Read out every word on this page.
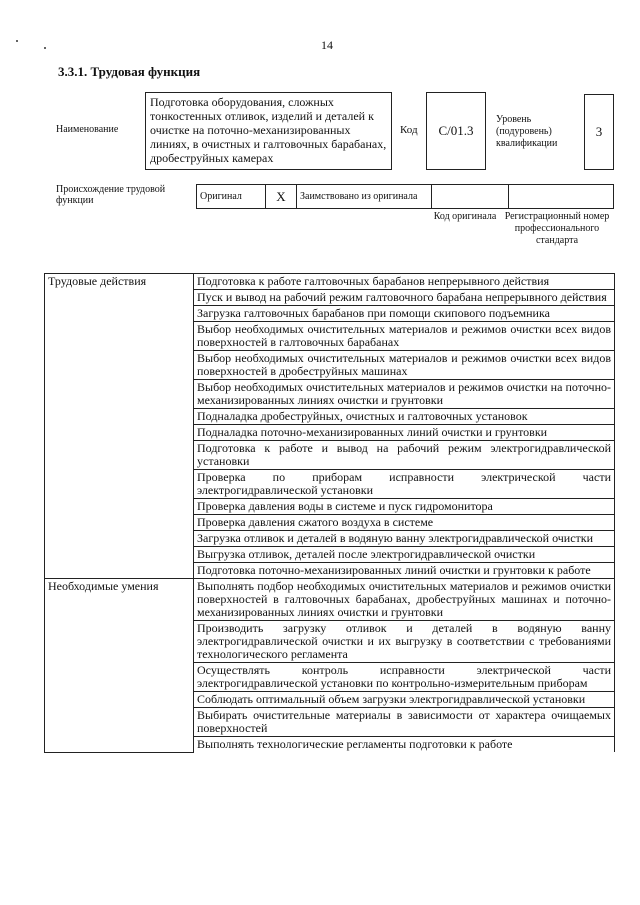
14
3.3.1. Трудовая функция
Наименование
Подготовка оборудования, сложных тонкостенных отливок, изделий и деталей к очистке на поточно-механизированных линиях, в очистных и галтовочных барабанах, дробеструйных камерах
Код	C/01.3
Уровень (подуровень) квалификации
3
Происхождение трудовой функции	Оригинал	X	Заимствовано из оригинала		
Код оригинала Регистрационный номер профессионального стандарта
Трудовые действия	Подготовка к работе галтовочных барабанов непрерывного действия
	Пуск и вывод на рабочий режим галтовочного барабана непрерывного действия
	Загрузка галтовочных барабанов при помощи скипового подъемника
	Выбор необходимых очистительных материалов и режимов очистки всех видов поверхностей в галтовочных барабанах
	Выбор необходимых очистительных материалов и режимов очистки всех видов поверхностей в дробеструйных машинах
	Выбор необходимых очистительных материалов и режимов очистки на поточно-механизированных линиях очистки и грунтовки
	Подналадка дробеструйных, очистных и галтовочных установок
	Подналадка поточно-механизированных линий очистки и грунтовки
	Подготовка к работе и вывод на рабочий режим электрогидравлической установки
	Проверка по приборам исправности электрической части электрогидравлической установки
	Проверка давления воды в системе и пуск гидромонитора
	Проверка давления сжатого воздуха в системе
	Загрузка отливок и деталей в водяную ванну электрогидравлической очистки
	Выгрузка отливок, деталей после электрогидравлической очистки
	Подготовка поточно-механизированных линий очистки и грунтовки к работе
Необходимые умения	Выполнять подбор необходимых очистительных материалов и режимов очистки поверхностей в галтовочных барабанах, дробеструйных машинах и поточно-механизированных линиях очистки и грунтовки
	Производить загрузку отливок и деталей в водяную ванну электрогидравлической очистки и их выгрузку в соответствии с требованиями технологического регламента
	Осуществлять контроль исправности электрической части электрогидравлической установки по контрольно-измерительным приборам
	Соблюдать оптимальный объем загрузки электрогидравлической установки
	Выбирать очистительные материалы в зависимости от характера очищаемых поверхностей
	Выполнять технологические регламенты подготовки к работе
